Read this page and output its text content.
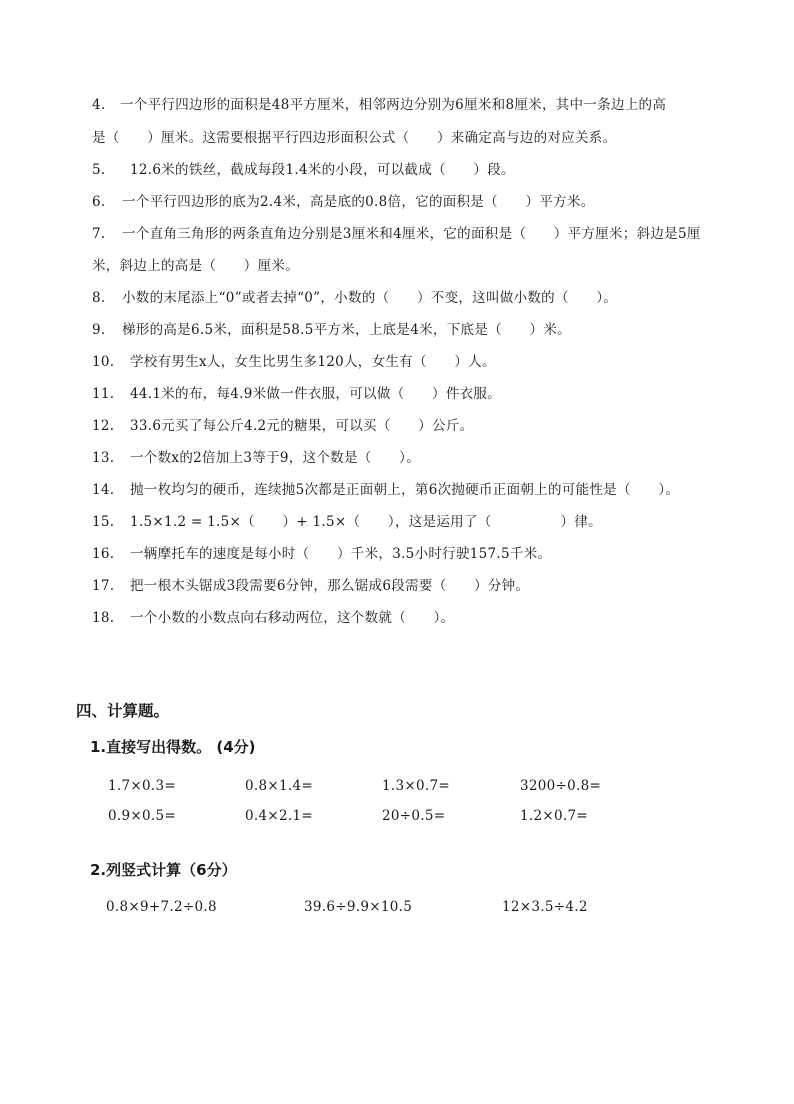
4. 一个平行四边形的面积是48平方厘米，相邻两边分别为6厘米和8厘米，其中一条边上的高
是（　　）厘米。这需要根据平行四边形面积公式（　　）来确定高与边的对应关系。
5. 12.6米的铁丝，截成每段1.4米的小段，可以截成（　　）段。
6. 一个平行四边形的底为2.4米，高是底的0.8倍，它的面积是（　　）平方米。
7. 一个直角三角形的两条直角边分别是3厘米和4厘米，它的面积是（　　）平方厘米；斜边是5厘
米，斜边上的高是（　　）厘米。
8. 小数的末尾添上“0”或者去掉“0”，小数的（　　）不变，这叫做小数的（　　）。
9. 梯形的高是6.5米，面积是58.5平方米，上底是4米，下底是（　　）米。
10. 学校有男生x人，女生比男生多120人，女生有（　　）人。
11. 44.1米的布，每4.9米做一件衣服，可以做（　　）件衣服。
12. 33.6元买了每公斤4.2元的糖果，可以买（　　）公斤。
13. 一个数x的2倍加上3等于9，这个数是（　　）。
14. 抛一枚均匀的硬币，连续抛5次都是正面朝上，第6次抛硬币正面朝上的可能性是（　　）。
15. 1.5×1.2 = 1.5×（　　）+ 1.5×（　　），这是运用了（　　　　　）律。
16. 一辆摩托车的速度是每小时（　　）千米，3.5小时行驶157.5千米。
17. 把一根木头锯成3段需要6分钟，那么锯成6段需要（　　）分钟。
18. 一个小数的小数点向右移动两位，这个数就（　　）。
四、计算题。
1.直接写出得数。 (4分)
1.7×0.3=	0.8×1.4=	1.3×0.7=	3200÷0.8=
0.9×0.5=	0.4×2.1=	20÷0.5=	1.2×0.7=
2.列竖式计算（6分）
0.8×9+7.2÷0.8	39.6÷9.9×10.5	12×3.5÷4.2
